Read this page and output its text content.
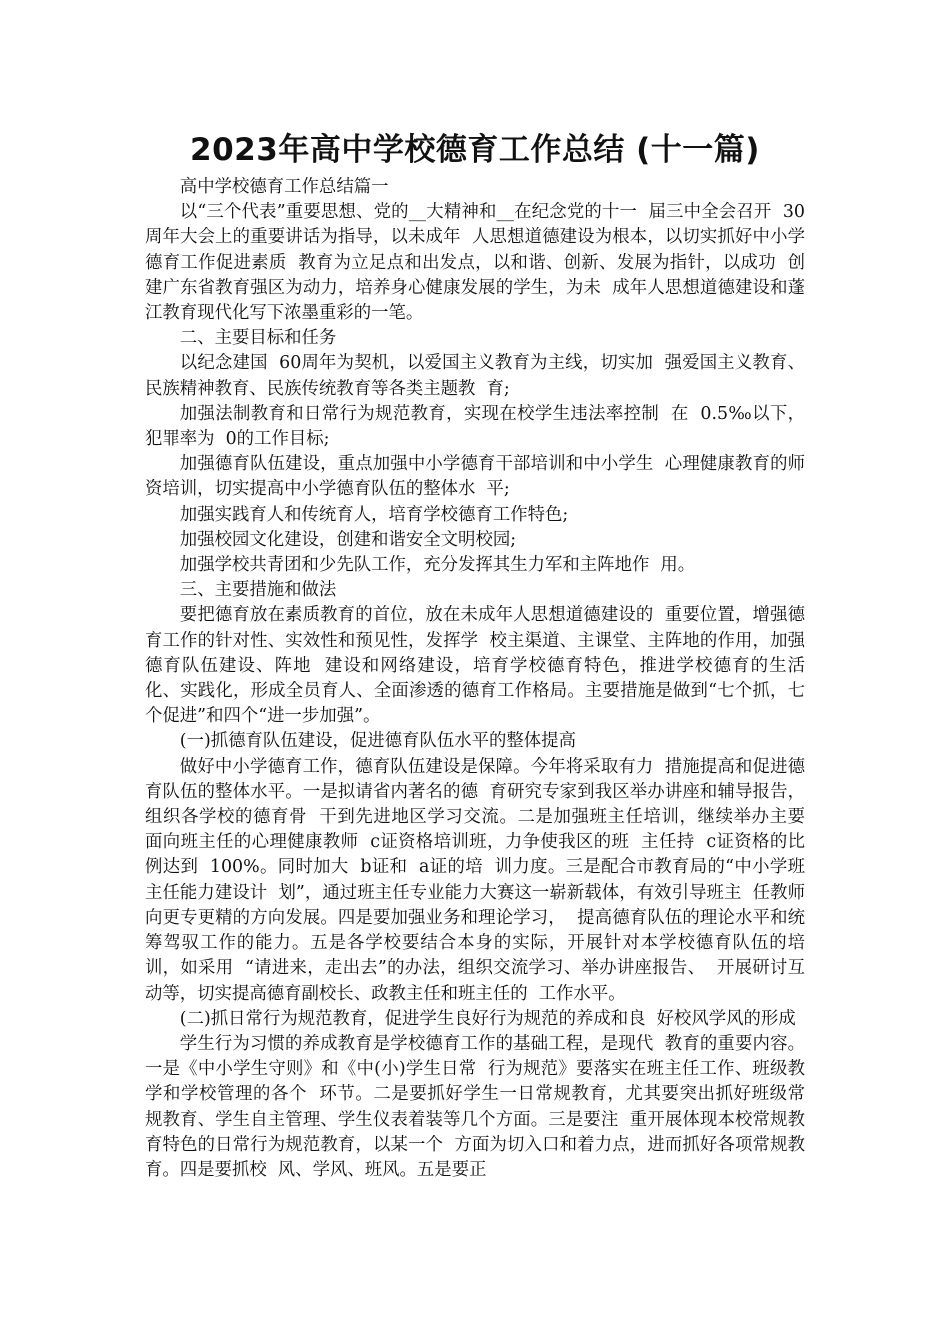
2023年高中学校德育工作总结 (十一篇)

高中学校德育工作总结篇一

以“三个代表”重要思想、党的__大精神和__在纪念党的十一  届三中全会召开  30周年大会上的重要讲话为指导，以未成年  人思想道德建设为根本，以切实抓好中小学德育工作促进素质  教育为立足点和出发点，以和谐、创新、发展为指针，以成功  创建广东省教育强区为动力，培养身心健康发展的学生，为未  成年人思想道德建设和蓬江教育现代化写下浓墨重彩的一笔。

二、主要目标和任务

以纪念建国  60周年为契机，以爱国主义教育为主线，切实加  强爱国主义教育、民族精神教育、民族传统教育等各类主题教  育;

加强法制教育和日常行为规范教育，实现在校学生违法率控制  在  0.5‰以下，犯罪率为  0的工作目标;

加强德育队伍建设，重点加强中小学德育干部培训和中小学生  心理健康教育的师资培训，切实提高中小学德育队伍的整体水  平;

加强实践育人和传统育人，培育学校德育工作特色;

加强校园文化建设，创建和谐安全文明校园;

加强学校共青团和少先队工作，充分发挥其生力军和主阵地作  用。

三、主要措施和做法

要把德育放在素质教育的首位，放在未成年人思想道德建设的  重要位置，增强德育工作的针对性、实效性和预见性，发挥学  校主渠道、主课堂、主阵地的作用，加强德育队伍建设、阵地  建设和网络建设，培育学校德育特色，推进学校德育的生活  化、实践化，形成全员育人、全面渗透的德育工作格局。主要措施是做到“七个抓，七个促进”和四个“进一步加强”。

(一)抓德育队伍建设，促进德育队伍水平的整体提高

做好中小学德育工作，德育队伍建设是保障。今年将采取有力  措施提高和促进德育队伍的整体水平。一是拟请省内著名的德  育研究专家到我区举办讲座和辅导报告，组织各学校的德育骨  干到先进地区学习交流。二是加强班主任培训，继续举办主要  面向班主任的心理健康教师  c证资格培训班，力争使我区的班  主任持  c证资格的比例达到  100%。同时加大  b证和  a证的培  训力度。三是配合市教育局的“中小学班主任能力建设计  划”，通过班主任专业能力大赛这一崭新载体，有效引导班主  任教师向更专更精的方向发展。四是要加强业务和理论学习，  提高德育队伍的理论水平和统筹驾驭工作的能力。五是各学校要结合本身的实际，开展针对本学校德育队伍的培训，如采用  “请进来，走出去”的办法，组织交流学习、举办讲座报告、  开展研讨互动等，切实提高德育副校长、政教主任和班主任的  工作水平。

(二)抓日常行为规范教育，促进学生良好行为规范的养成和良  好校风学风的形成

学生行为习惯的养成教育是学校德育工作的基础工程，是现代  教育的重要内容。一是《中小学生守则》和《中(小)学生日常  行为规范》要落实在班主任工作、班级教学和学校管理的各个  环节。二是要抓好学生一日常规教育，尤其要突出抓好班级常  规教育、学生自主管理、学生仪表着装等几个方面。三是要注  重开展体现本校常规教育特色的日常行为规范教育，以某一个  方面为切入口和着力点，进而抓好各项常规教育。四是要抓校  风、学风、班风。五是要正
